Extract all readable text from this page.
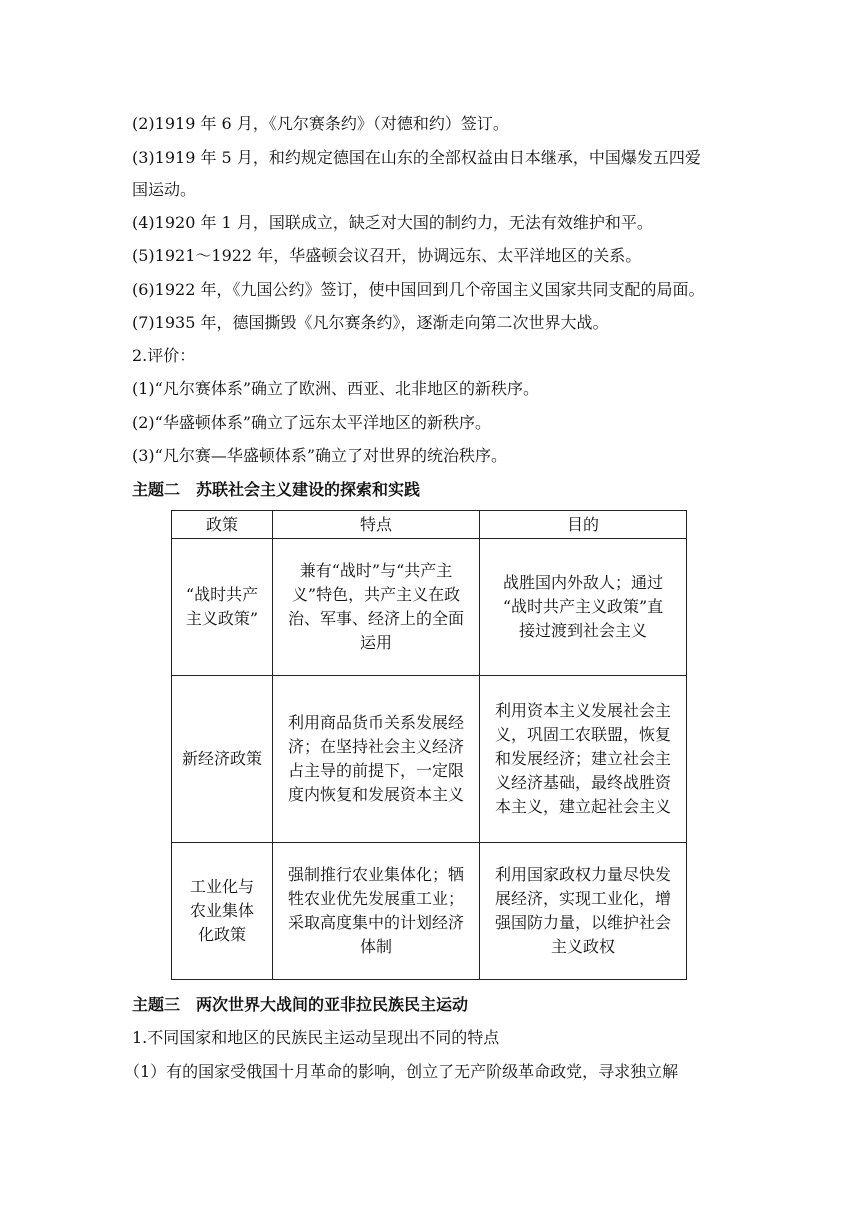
(2)1919 年 6 月，《凡尔赛条约》（对德和约）签订。
(3)1919 年 5 月，和约规定德国在山东的全部权益由日本继承，中国爆发五四爱
国运动。
(4)1920 年 1 月，国联成立，缺乏对大国的制约力，无法有效维护和平。
(5)1921～1922 年，华盛顿会议召开，协调远东、太平洋地区的关系。
(6)1922 年，《九国公约》签订，使中国回到几个帝国主义国家共同支配的局面。
(7)1935 年，德国撕毁《凡尔赛条约》，逐渐走向第二次世界大战。
2.评价：
(1)“凡尔赛体系”确立了欧洲、西亚、北非地区的新秩序。
(2)“华盛顿体系”确立了远东太平洋地区的新秩序。
(3)“凡尔赛—华盛顿体系”确立了对世界的统治秩序。
主题二　苏联社会主义建设的探索和实践
政策	特点	目的

“战时共产
主义政策”	兼有“战时”与“共产主
义”特色，共产主义在政
治、军事、经济上的全面
运用	战胜国内外敌人；通过
“战时共产主义政策”直
接过渡到社会主义

新经济政策	利用商品货币关系发展经
济；在坚持社会主义经济
占主导的前提下，一定限
度内恢复和发展资本主义	利用资本主义发展社会主
义，巩固工农联盟，恢复
和发展经济；建立社会主
义经济基础，最终战胜资
本主义，建立起社会主义

工业化与
农业集体
化政策	强制推行农业集体化；牺
牲农业优先发展重工业；
采取高度集中的计划经济
体制	利用国家政权力量尽快发
展经济，实现工业化，增
强国防力量，以维护社会
主义政权
主题三　两次世界大战间的亚非拉民族民主运动
1.不同国家和地区的民族民主运动呈现出不同的特点
（1）有的国家受俄国十月革命的影响，创立了无产阶级革命政党，寻求独立解
